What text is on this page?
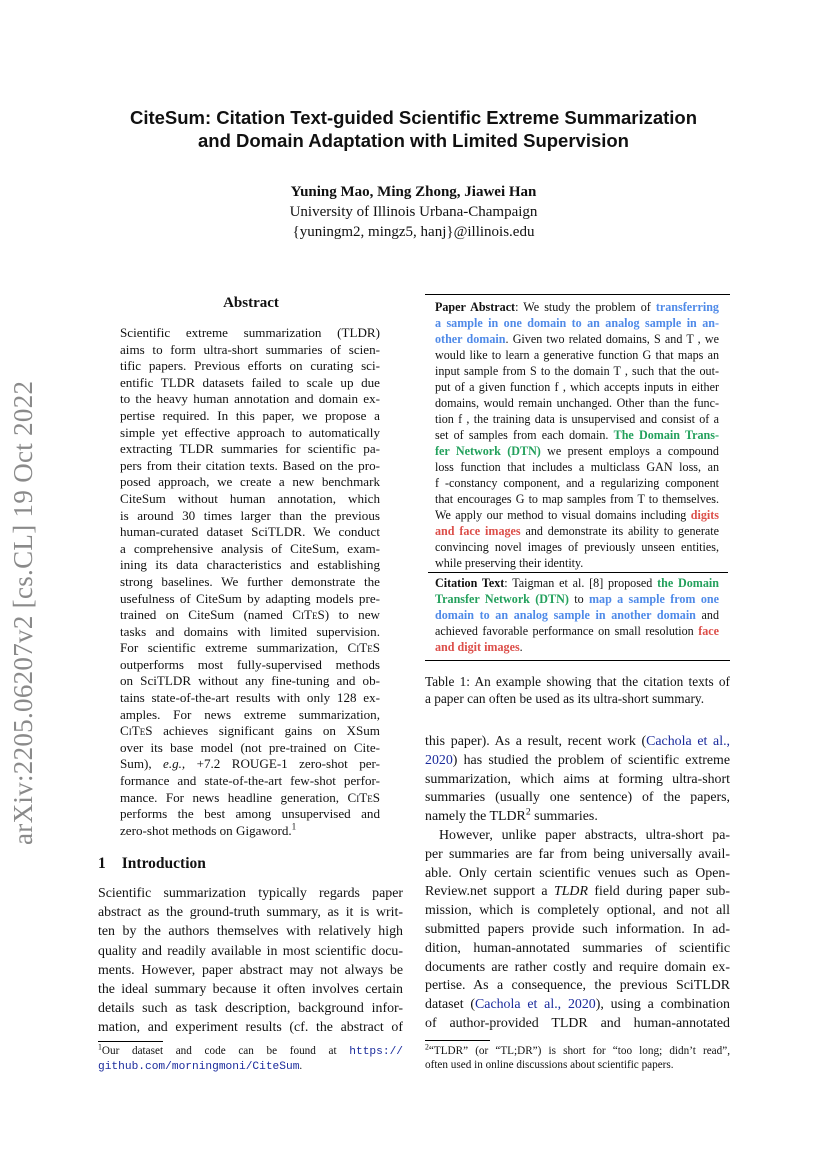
arXiv:2205.06207v2 [cs.CL] 19 Oct 2022
CiteSum: Citation Text-guided Scientific Extreme Summarization
and Domain Adaptation with Limited Supervision
Yuning Mao, Ming Zhong, Jiawei Han
University of Illinois Urbana-Champaign
{yuningm2, mingz5, hanj}@illinois.edu
Abstract
Scientific extreme summarization (TLDR)
aims to form ultra-short summaries of scien-
tific papers. Previous efforts on curating sci-
entific TLDR datasets failed to scale up due
to the heavy human annotation and domain ex-
pertise required. In this paper, we propose a
simple yet effective approach to automatically
extracting TLDR summaries for scientific pa-
pers from their citation texts. Based on the pro-
posed approach, we create a new benchmark
CiteSum without human annotation, which
is around 30 times larger than the previous
human-curated dataset SciTLDR. We conduct
a comprehensive analysis of CiteSum, exam-
ining its data characteristics and establishing
strong baselines. We further demonstrate the
usefulness of CiteSum by adapting models pre-
trained on CiteSum (named CiTeS) to new
tasks and domains with limited supervision.
For scientific extreme summarization, CiTeS
outperforms most fully-supervised methods
on SciTLDR without any fine-tuning and ob-
tains state-of-the-art results with only 128 ex-
amples. For news extreme summarization,
CiTeS achieves significant gains on XSum
over its base model (not pre-trained on Cite-
Sum), e.g., +7.2 ROUGE-1 zero-shot per-
formance and state-of-the-art few-shot perfor-
mance. For news headline generation, CiTeS
performs the best among unsupervised and
zero-shot methods on Gigaword.$^1$
1 Introduction
Scientific summarization typically regards paper
abstract as the ground-truth summary, as it is writ-
ten by the authors themselves with relatively high
quality and readily available in most scientific docu-
ments. However, paper abstract may not always be
the ideal summary because it often involves certain
details such as task description, background infor-
mation, and experiment results (cf. the abstract of
Paper Abstract: We study the problem of transferring
a sample in one domain to an analog sample in an-
other domain. Given two related domains, S and T , we
would like to learn a generative function G that maps an
input sample from S to the domain T , such that the out-
put of a given function f , which accepts inputs in either
domains, would remain unchanged. Other than the func-
tion f , the training data is unsupervised and consist of a
set of samples from each domain. The Domain Trans-
fer Network (DTN) we present employs a compound
loss function that includes a multiclass GAN loss, an
f -constancy component, and a regularizing component
that encourages G to map samples from T to themselves.
We apply our method to visual domains including digits
and face images and demonstrate its ability to generate
convincing novel images of previously unseen entities,
while preserving their identity.
Citation Text: Taigman et al. [8] proposed the Domain
Transfer Network (DTN) to map a sample from one
domain to an analog sample in another domain and
achieved favorable performance on small resolution face
and digit images.
Table 1: An example showing that the citation texts of
a paper can often be used as its ultra-short summary.
this paper). As a result, recent work (Cachola et al.,
2020) has studied the problem of scientific extreme
summarization, which aims at forming ultra-short
summaries (usually one sentence) of the papers,
namely the TLDR$^2$ summaries.
However, unlike paper abstracts, ultra-short pa-
per summaries are far from being universally avail-
able. Only certain scientific venues such as Open-
Review.net support a TLDR field during paper sub-
mission, which is completely optional, and not all
submitted papers provide such information. In ad-
dition, human-annotated summaries of scientific
documents are rather costly and require domain ex-
pertise. As a consequence, the previous SciTLDR
dataset (Cachola et al., 2020), using a combination
of author-provided TLDR and human-annotated
$^1$Our dataset and code can be found at https://
github.com/morningmoni/CiteSum.
$^2$“TLDR” (or “TL;DR”) is short for “too long; didn’t read”,
often used in online discussions about scientific papers.
